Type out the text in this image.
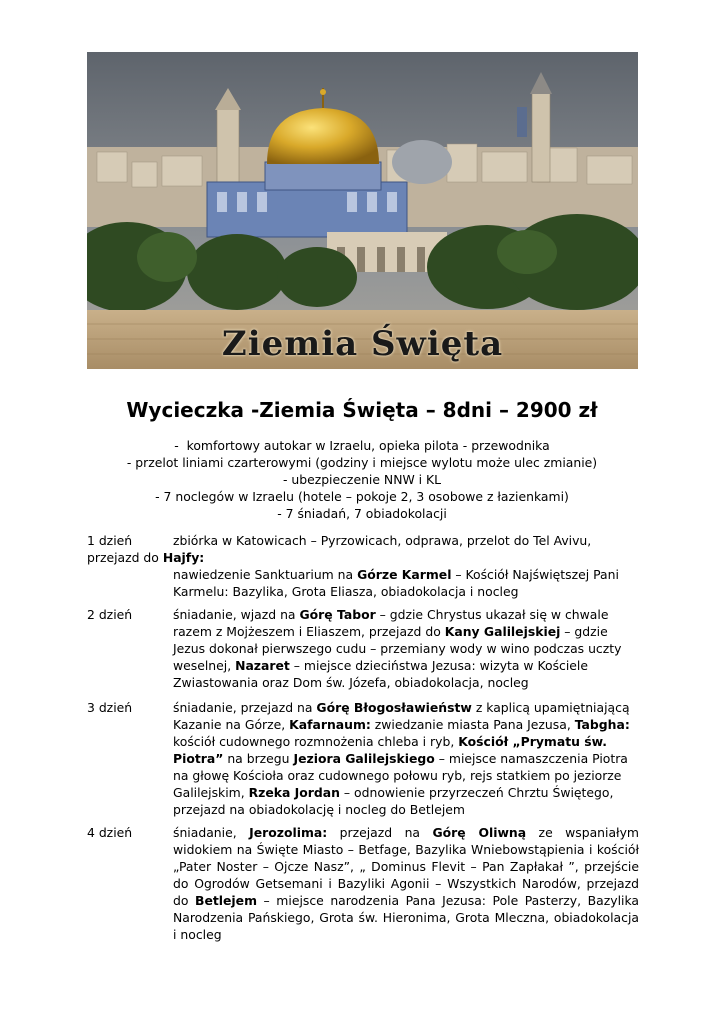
Ziemia Święta
Wycieczka -Ziemia Święta – 8dni – 2900 zł
-  komfortowy autokar w Izraelu, opieka pilota - przewodnika
- przelot liniami czarterowymi (godziny i miejsce wylotu może ulec zmianie)
- ubezpieczenie NNW i KL
- 7 noclegów w Izraelu (hotele – pokoje 2, 3 osobowe z łazienkami)
- 7 śniadań, 7 obiadokolacji
1 dzień	zbiórka w Katowicach – Pyrzowicach, odprawa, przelot do Tel Avivu,
przejazd do Hajfy:
nawiedzenie Sanktuarium na Górze Karmel – Kościół Najświętszej Pani Karmelu: Bazylika, Grota Eliasza, obiadokolacja i nocleg
2 dzień	śniadanie, wjazd na Górę Tabor – gdzie Chrystus ukazał się w chwale razem z Mojżeszem i Eliaszem, przejazd do Kany Galilejskiej – gdzie Jezus dokonał pierwszego cudu – przemiany wody w wino podczas uczty weselnej, Nazaret – miejsce dzieciństwa Jezusa: wizyta w Kościele Zwiastowania oraz Dom św. Józefa, obiadokolacja, nocleg
3 dzień	śniadanie, przejazd na Górę Błogosławieństw z kaplicą upamiętniającą Kazanie na Górze, Kafarnaum: zwiedzanie miasta Pana Jezusa, Tabgha: kościół cudownego rozmnożenia chleba i ryb, Kościół „Prymatu św. Piotra” na brzegu Jeziora Galilejskiego – miejsce namaszczenia Piotra na głowę Kościoła oraz cudownego połowu ryb, rejs statkiem po jeziorze Galilejskim, Rzeka Jordan – odnowienie przyrzeczeń Chrztu Świętego, przejazd na obiadokolację i nocleg do Betlejem
4 dzień	śniadanie, Jerozolima: przejazd na Górę Oliwną ze wspaniałym widokiem na Święte Miasto – Betfage, Bazylika Wniebowstąpienia i kościół „Pater Noster – Ojcze Nasz”, „ Dominus Flevit – Pan Zapłakał ”, przejście do Ogrodów Getsemani i Bazyliki Agonii – Wszystkich Narodów, przejazd do Betlejem – miejsce narodzenia Pana Jezusa: Pole Pasterzy, Bazylika Narodzenia Pańskiego, Grota św. Hieronima, Grota Mleczna, obiadokolacja i nocleg
